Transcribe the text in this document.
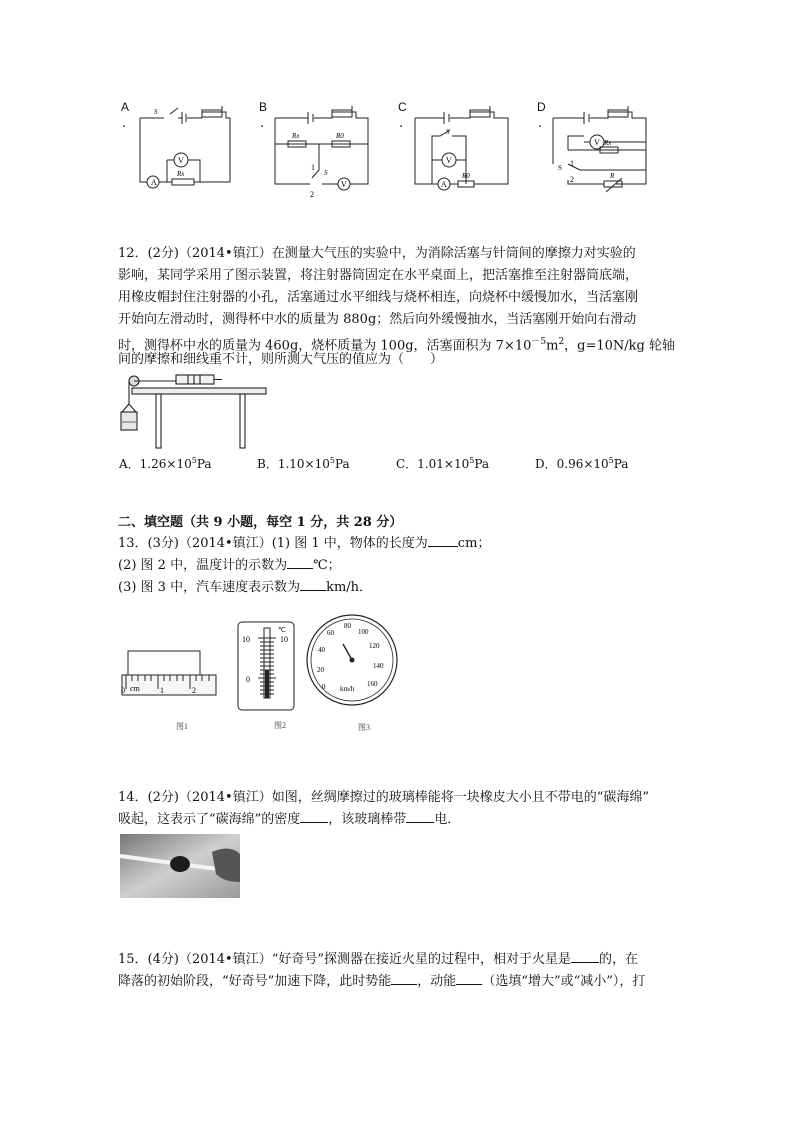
A
.
A
V
S
Rx
B
.
Rx	R0
1
S
2
V
C
.
S
V
A
R0
D
.
V Rx
S 1
2	R
12．(2分)（2014•镇江）在测量大气压的实验中，为消除活塞与针筒间的摩擦力对实验的
影响，某同学采用了图示装置，将注射器筒固定在水平桌面上，把活塞推至注射器筒底端，
用橡皮帽封住注射器的小孔，活塞通过水平细线与烧杯相连，向烧杯中缓慢加水，当活塞刚
开始向左滑动时，测得杯中水的质量为 880g；然后向外缓慢抽水，当活塞刚开始向右滑动
时，测得杯中水的质量为 460g，烧杯质量为 100g，活塞面积为 $7\times 10^{-5}m^2$，g=10N/kg 轮轴
间的摩擦和细线重不计，则所测大气压的值应为（　　）
A．$1.26\times 10^5Pa$	B．$1.10\times 10^5Pa$	C．$1.01\times 10^5Pa$	D．$0.96\times 10^5Pa$
二、填空题（共 9 小题，每空 1 分，共 28 分）
13．(3分)（2014•镇江）(1) 图 1 中，物体的长度为 cm；
(2) 图 2 中，温度计的示数为 ℃；
(3) 图 3 中，汽车速度表示数为 km/h．
cm
0	1	2
图1
10
0
10
℃
图2
0
20
40
60
80
100
120
140
160
km/h
图3
14．(2分)（2014•镇江）如图，丝绸摩擦过的玻璃棒能将一块橡皮大小且不带电的“碳海绵”
吸起，这表示了“碳海绵”的密度 ，该玻璃棒带 电．
15．(4分)（2014•镇江）“好奇号”探测器在接近火星的过程中，相对于火星是 的，在
降落的初始阶段，“好奇号”加速下降，此时势能 ，动能 （选填“增大”或“减小”），打
